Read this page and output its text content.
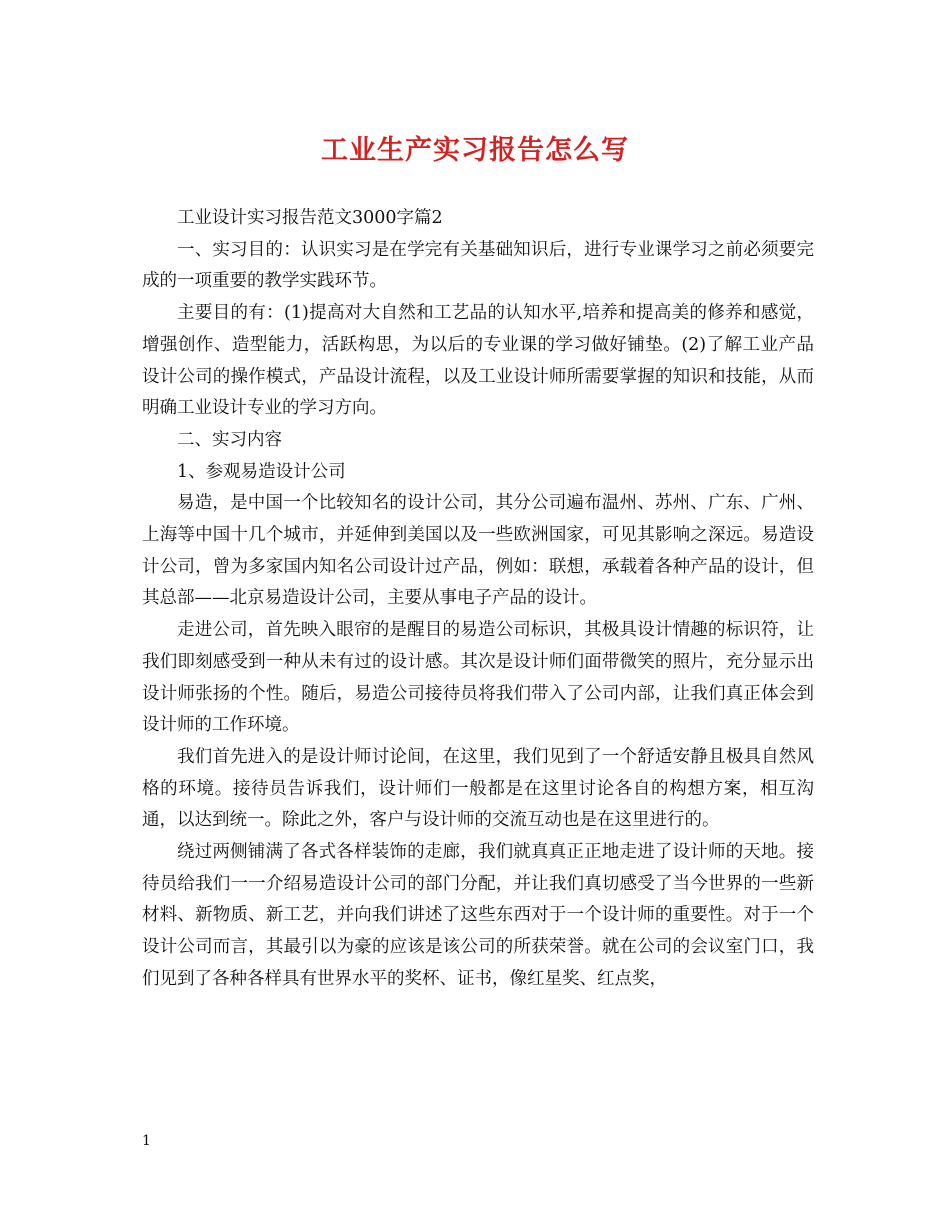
工业生产实习报告怎么写

工业设计实习报告范文3000字篇2

一、实习目的：认识实习是在学完有关基础知识后，进行专业课学习之前必须要完成的一项重要的教学实践环节。

主要目的有：(1)提高对大自然和工艺品的认知水平,培养和提高美的修养和感觉，增强创作、造型能力，活跃构思，为以后的专业课的学习做好铺垫。(2)了解工业产品设计公司的操作模式，产品设计流程，以及工业设计师所需要掌握的知识和技能，从而明确工业设计专业的学习方向。

二、实习内容

1、参观易造设计公司

易造，是中国一个比较知名的设计公司，其分公司遍布温州、苏州、广东、广州、上海等中国十几个城市，并延伸到美国以及一些欧洲国家，可见其影响之深远。易造设计公司，曾为多家国内知名公司设计过产品，例如：联想，承载着各种产品的设计，但其总部——北京易造设计公司，主要从事电子产品的设计。

走进公司，首先映入眼帘的是醒目的易造公司标识，其极具设计情趣的标识符，让我们即刻感受到一种从未有过的设计感。其次是设计师们面带微笑的照片，充分显示出设计师张扬的个性。随后，易造公司接待员将我们带入了公司内部，让我们真正体会到设计师的工作环境。

我们首先进入的是设计师讨论间，在这里，我们见到了一个舒适安静且极具自然风格的环境。接待员告诉我们，设计师们一般都是在这里讨论各自的构想方案，相互沟通，以达到统一。除此之外，客户与设计师的交流互动也是在这里进行的。

绕过两侧铺满了各式各样装饰的走廊，我们就真真正正地走进了设计师的天地。接待员给我们一一介绍易造设计公司的部门分配，并让我们真切感受了当今世界的一些新材料、新物质、新工艺，并向我们讲述了这些东西对于一个设计师的重要性。对于一个设计公司而言，其最引以为豪的应该是该公司的所获荣誉。就在公司的会议室门口，我们见到了各种各样具有世界水平的奖杯、证书，像红星奖、红点奖，

1
